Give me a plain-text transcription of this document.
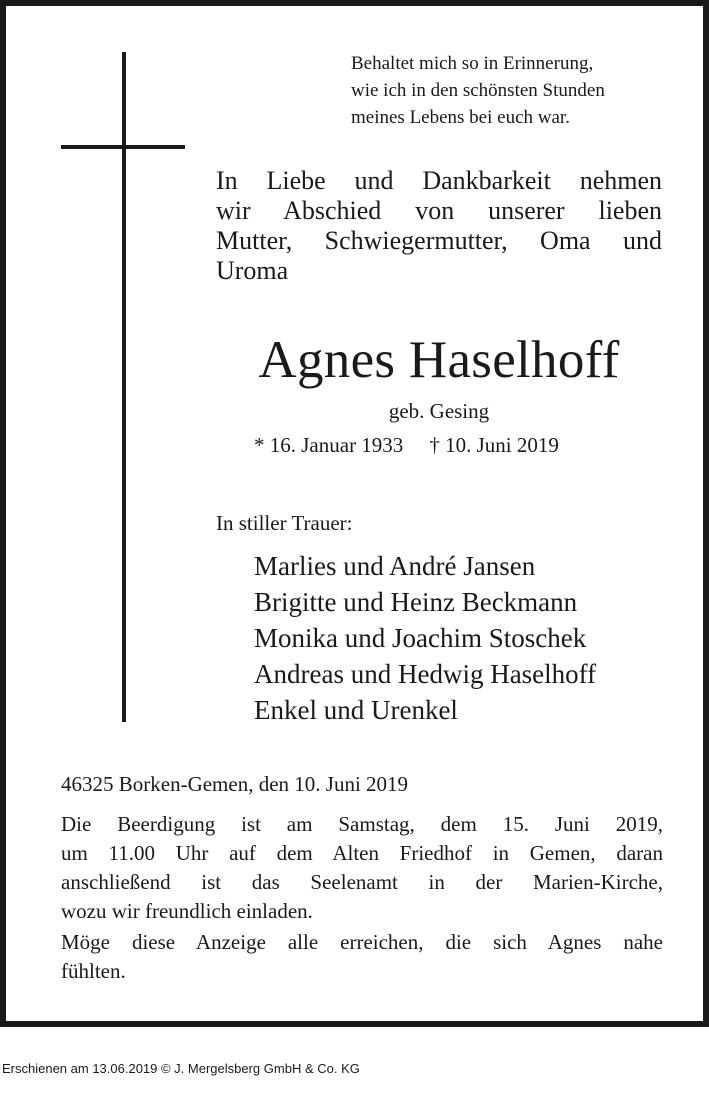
Behaltet mich so in Erinnerung,
wie ich in den schönsten Stunden
meines Lebens bei euch war.
In Liebe und Dankbarkeit nehmen
wir Abschied von unserer lieben
Mutter, Schwiegermutter, Oma und
Uroma
Agnes Haselhoff
geb. Gesing
* 16. Januar 1933 † 10. Juni 2019
In stiller Trauer:
Marlies und André Jansen
Brigitte und Heinz Beckmann
Monika und Joachim Stoschek
Andreas und Hedwig Haselhoff
Enkel und Urenkel
46325 Borken-Gemen, den 10. Juni 2019
Die Beerdigung ist am Samstag, dem 15. Juni 2019,
um 11.00 Uhr auf dem Alten Friedhof in Gemen, daran
anschließend ist das Seelenamt in der Marien-Kirche,
wozu wir freundlich einladen.
Möge diese Anzeige alle erreichen, die sich Agnes nahe
fühlten.
Erschienen am 13.06.2019 © J. Mergelsberg GmbH & Co. KG
